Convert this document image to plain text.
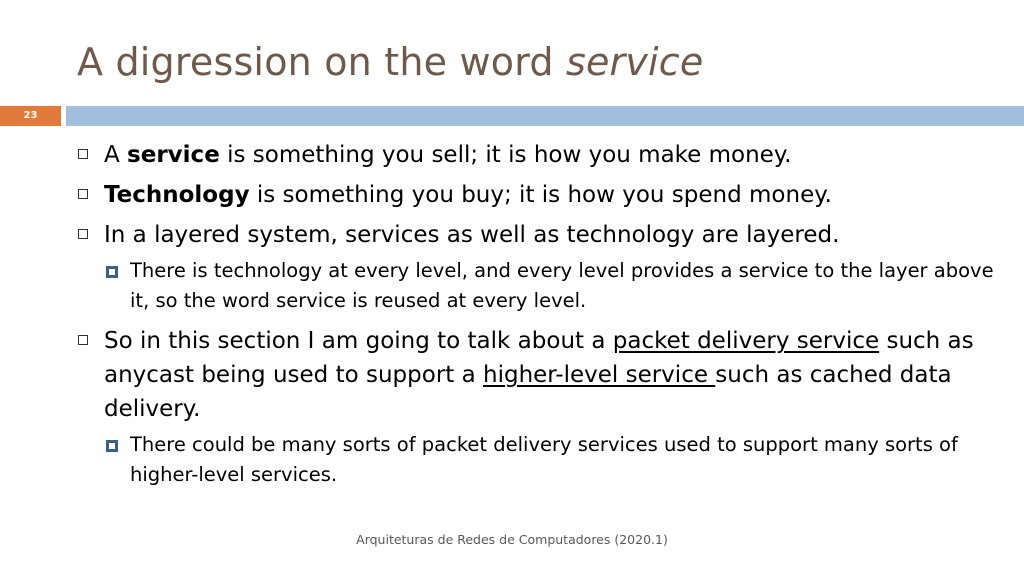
A digression on the word service
23
A service is something you sell; it is how you make money.
Technology is something you buy; it is how you spend money.
In a layered system, services as well as technology are layered.
There is technology at every level, and every level provides a service to the layer above it, so the word service is reused at every level.
So in this section I am going to talk about a packet delivery service such as anycast being used to support a higher-level service such as cached data delivery.
There could be many sorts of packet delivery services used to support many sorts of higher-level services.
Arquiteturas de Redes de Computadores (2020.1)
